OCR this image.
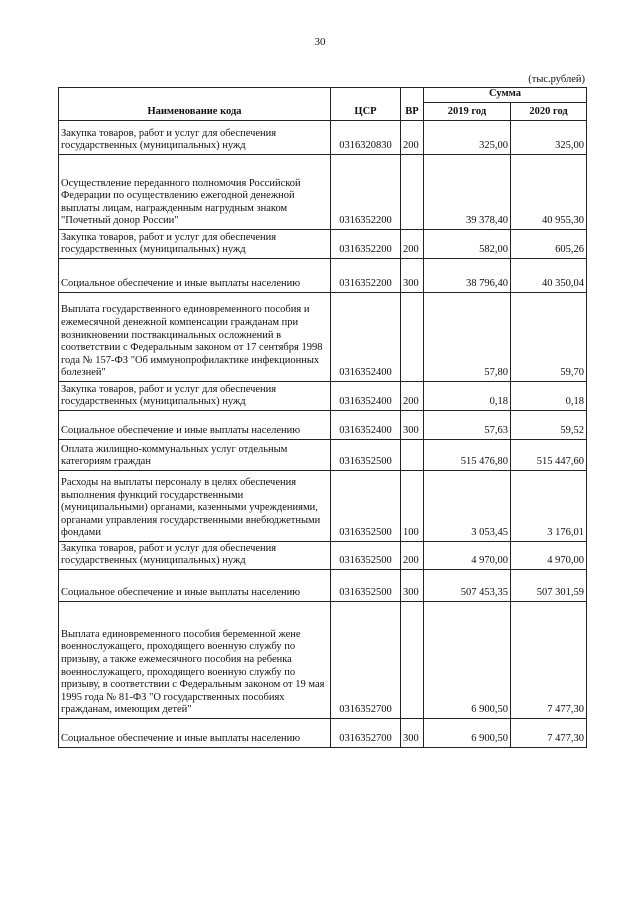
30
(тыс.рублей)
Наименование кода	ЦСР	ВР	Сумма	
			2019 год	2020 год
Закупка товаров, работ и услуг для обеспечения государственных (муниципальных) нужд	0316320830	200	325,00	325,00
Осуществление переданного полномочия Российской Федерации по осуществлению ежегодной денежной выплаты лицам, награжденным нагрудным знаком "Почетный донор России"	0316352200		39 378,40	40 955,30
Закупка товаров, работ и услуг для обеспечения государственных (муниципальных) нужд	0316352200	200	582,00	605,26
Социальное обеспечение и иные выплаты населению	0316352200	300	38 796,40	40 350,04
Выплата государственного единовременного пособия и ежемесячной денежной компенсации гражданам при возникновении поствакцинальных осложнений в соответствии с Федеральным законом от 17 сентября 1998 года № 157-ФЗ "Об иммунопрофилактике инфекционных болезней"	0316352400		57,80	59,70
Закупка товаров, работ и услуг для обеспечения государственных (муниципальных) нужд	0316352400	200	0,18	0,18
Социальное обеспечение и иные выплаты населению	0316352400	300	57,63	59,52
Оплата жилищно-коммунальных услуг отдельным категориям граждан	0316352500		515 476,80	515 447,60
Расходы на выплаты персоналу в целях обеспечения выполнения функций государственными (муниципальными) органами, казенными учреждениями, органами управления государственными внебюджетными фондами	0316352500	100	3 053,45	3 176,01
Закупка товаров, работ и услуг для обеспечения государственных (муниципальных) нужд	0316352500	200	4 970,00	4 970,00
Социальное обеспечение и иные выплаты населению	0316352500	300	507 453,35	507 301,59
Выплата единовременного пособия беременной жене военнослужащего, проходящего военную службу по призыву, а также ежемесячного пособия на ребенка военнослужащего, проходящего военную службу по призыву, в соответствии с Федеральным законом от 19 мая 1995 года № 81-ФЗ "О государственных пособиях гражданам, имеющим детей"	0316352700		6 900,50	7 477,30
Социальное обеспечение и иные выплаты населению	0316352700	300	6 900,50	7 477,30
